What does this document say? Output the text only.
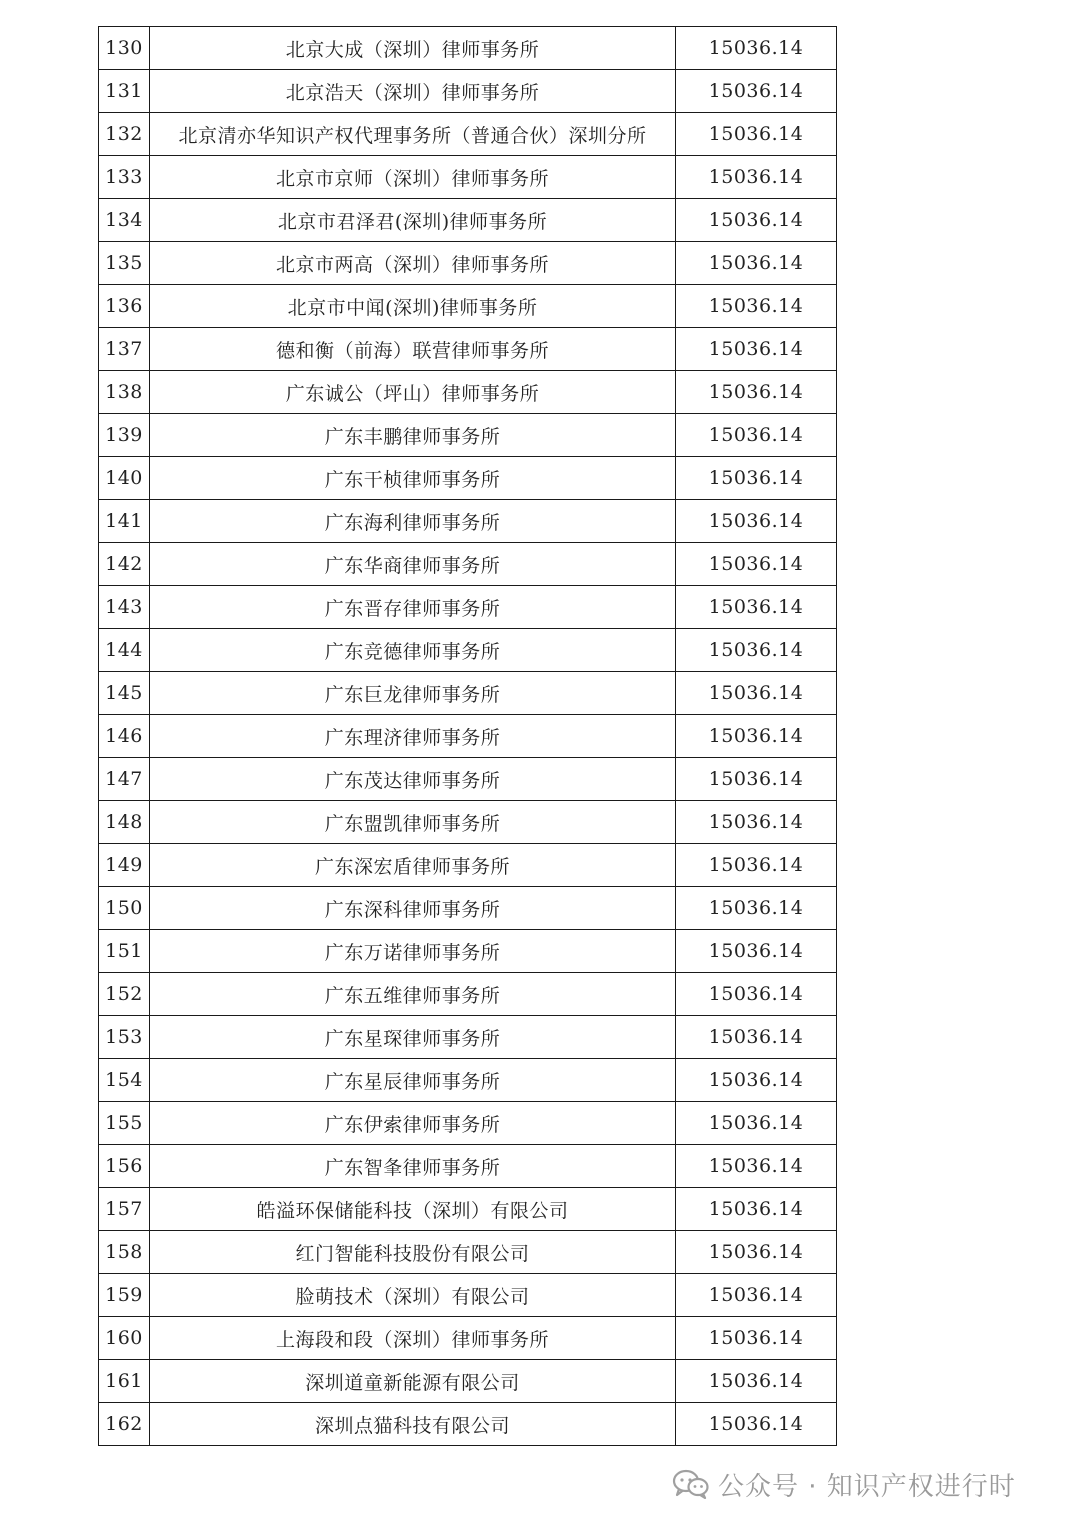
130	北京大成（深圳）律师事务所	15036.14
131	北京浩天（深圳）律师事务所	15036.14
132	北京清亦华知识产权代理事务所（普通合伙）深圳分所	15036.14
133	北京市京师（深圳）律师事务所	15036.14
134	北京市君泽君(深圳)律师事务所	15036.14
135	北京市两高（深圳）律师事务所	15036.14
136	北京市中闻(深圳)律师事务所	15036.14
137	德和衡（前海）联营律师事务所	15036.14
138	广东诚公（坪山）律师事务所	15036.14
139	广东丰鹏律师事务所	15036.14
140	广东干桢律师事务所	15036.14
141	广东海利律师事务所	15036.14
142	广东华商律师事务所	15036.14
143	广东晋存律师事务所	15036.14
144	广东竞德律师事务所	15036.14
145	广东巨龙律师事务所	15036.14
146	广东理济律师事务所	15036.14
147	广东茂达律师事务所	15036.14
148	广东盟凯律师事务所	15036.14
149	广东深宏盾律师事务所	15036.14
150	广东深科律师事务所	15036.14
151	广东万诺律师事务所	15036.14
152	广东五维律师事务所	15036.14
153	广东星琛律师事务所	15036.14
154	广东星辰律师事务所	15036.14
155	广东伊索律师事务所	15036.14
156	广东智夆律师事务所	15036.14
157	皓溢环保储能科技（深圳）有限公司	15036.14
158	红门智能科技股份有限公司	15036.14
159	脸萌技术（深圳）有限公司	15036.14
160	上海段和段（深圳）律师事务所	15036.14
161	深圳道童新能源有限公司	15036.14
162	深圳点猫科技有限公司	15036.14
公众号 · 知识产权进行时
